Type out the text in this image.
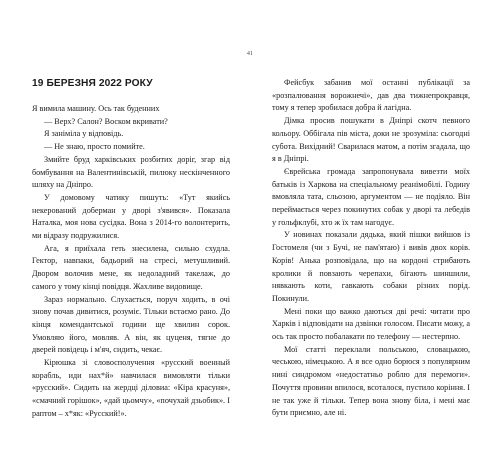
41
19 БЕРЕЗНЯ 2022 РОКУ

Я вимила машину. Ось так буденних

— Верх? Салон? Воском вкривати?

Я заніміла у відповідь.

— Не знаю, просто помийте.

Змийте бруд харківських розбитих доріг, згар від бомбування на Валентинівській, пилюку нескінченного шляху на Дніпро.

У домовому чатику пишуть: «Тут якийсь некерований доберман у дворі з'явився». Показала Наталка, моя нова сусідка. Вона з 2014-го волонтерить, ми відразу подружилися.

Ага, я приїхала геть знесилена, сильно схудла. Гектор, навпаки, бадьорий на стресі, метушливий. Двором волочив мене, як недоладний такелаж, до самого у тому кінці повідця. Жахливе видовище.

Зараз нормально. Слухається, поруч ходить, в очі знову почав дивитися, розуміє. Тільки встаємо рано. До кінця комендантської години ще хвилин сорок. Умовляю його, мовляв. А він, як цуценя, тягне до дверей повідець і м'яч, сидить, чекає.

Кірюшка зі словосполучення «русский военный корабль, иди нах*й» навчилася вимовляти тільки «русский». Сидить на жердці діловиа: «Кіра красуня», «смачний горішок», «дай цьомчу», «почухай дзьобик». І раптом – х*як: «Русский!».

Фейсбук забанив мої останні публікації за «розпалювання ворожнечі», дав два тижнепрокравця, тому я тепер зробилася добра й лагідна.

Дімка просив пошукати в Дніпрі скотч певного кольору. Оббігала пів міста, доки не зрозуміла: сьогодні субота. Вихідний! Сварилася матом, а потім згадала, що я в Дніпрі.

Єврейська громада запропонувала вивезти моїх батьків із Харкова на спеціальному реанімобілі. Годину вмовляла тата, сльозою, аргументом — не подіяло. Він переймається через покинутих собак у дворі та лебедів у гольфклубі, хто ж їх там нагодує.

У новинах показали дядька, який пішки вийшов із Гостомеля (чи з Бучі, не пам'ятаю) і вивів двох корів. Корів! Анька розповідала, що на кордоні стрибають кролики й повзають черепахи, бігають шиншили, нявкають коти, гавкають собаки різних порід. Покинули.

Мені поки що важко даються дві речі: читати про Харків і відповідати на дзвінки голосом. Писати можу, а ось так просто побалакати по телефону — нестерпно.

Мої статті переклали польською, словацькою, чеською, німецькою. А я все одно борюся з популярним нині синдромом «недостатньо роблю для перемоги». Почуття провини впилося, всоталося, пустило коріння. І не так уже й тільки. Тепер вона знову біла, і мені має бути приємно, але ні.
